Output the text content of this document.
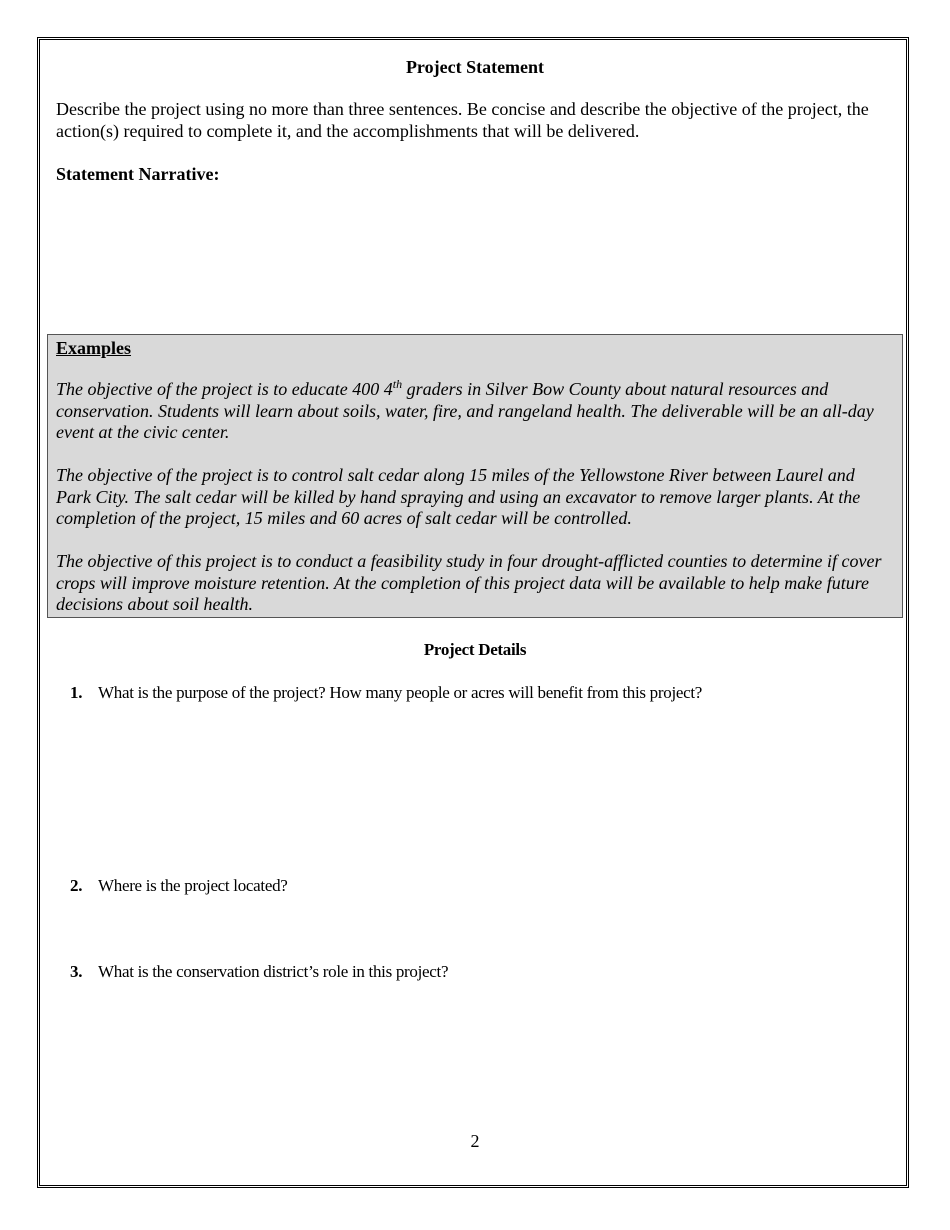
Project Statement
Describe the project using no more than three sentences. Be concise and describe the objective of the project, the action(s) required to complete it, and the accomplishments that will be delivered.
Statement Narrative:
Examples
The objective of the project is to educate 400 4th graders in Silver Bow County about natural resources and conservation. Students will learn about soils, water, fire, and rangeland health. The deliverable will be an all-day event at the civic center.
The objective of the project is to control salt cedar along 15 miles of the Yellowstone River between Laurel and Park City. The salt cedar will be killed by hand spraying and using an excavator to remove larger plants. At the completion of the project, 15 miles and 60 acres of salt cedar will be controlled.
The objective of this project is to conduct a feasibility study in four drought-afflicted counties to determine if cover crops will improve moisture retention. At the completion of this project data will be available to help make future decisions about soil health.
Project Details
1. What is the purpose of the project? How many people or acres will benefit from this project?
2. Where is the project located?
3. What is the conservation district’s role in this project?
2
